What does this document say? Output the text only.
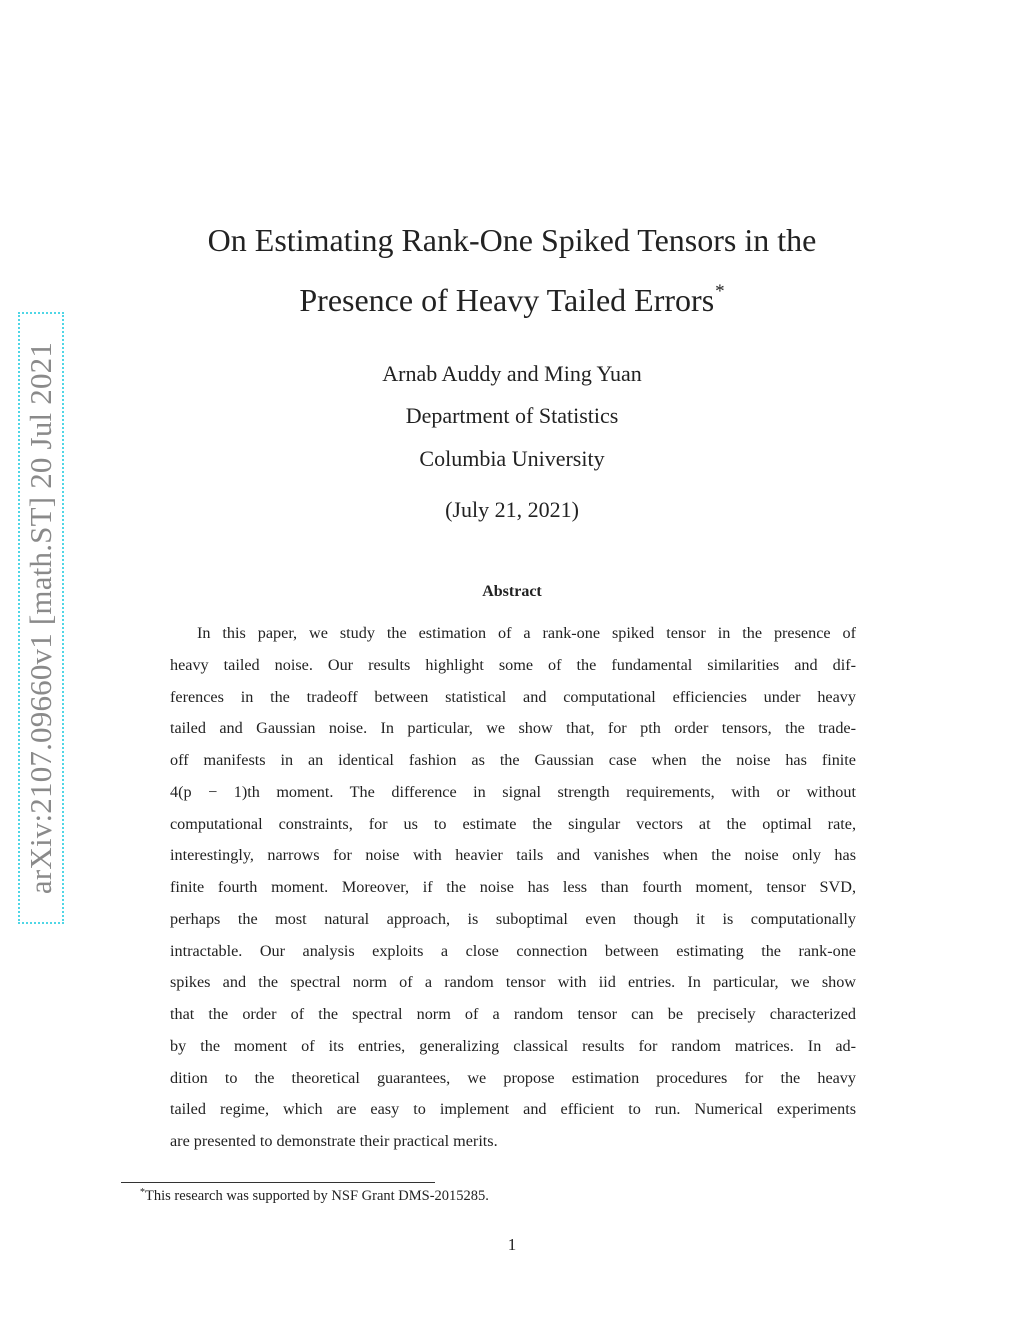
arXiv:2107.09660v1 [math.ST] 20 Jul 2021
On Estimating Rank-One Spiked Tensors in the
Presence of Heavy Tailed Errors*
Arnab Auddy and Ming Yuan
Department of Statistics
Columbia University
(July 21, 2021)
Abstract
In this paper, we study the estimation of a rank-one spiked tensor in the presence of
heavy tailed noise. Our results highlight some of the fundamental similarities and dif-
ferences in the tradeoff between statistical and computational efficiencies under heavy
tailed and Gaussian noise. In particular, we show that, for pth order tensors, the trade-
off manifests in an identical fashion as the Gaussian case when the noise has finite
4(p − 1)th moment. The difference in signal strength requirements, with or without
computational constraints, for us to estimate the singular vectors at the optimal rate,
interestingly, narrows for noise with heavier tails and vanishes when the noise only has
finite fourth moment. Moreover, if the noise has less than fourth moment, tensor SVD,
perhaps the most natural approach, is suboptimal even though it is computationally
intractable. Our analysis exploits a close connection between estimating the rank-one
spikes and the spectral norm of a random tensor with iid entries. In particular, we show
that the order of the spectral norm of a random tensor can be precisely characterized
by the moment of its entries, generalizing classical results for random matrices. In ad-
dition to the theoretical guarantees, we propose estimation procedures for the heavy
tailed regime, which are easy to implement and efficient to run. Numerical experiments
are presented to demonstrate their practical merits.
*This research was supported by NSF Grant DMS-2015285.
1
